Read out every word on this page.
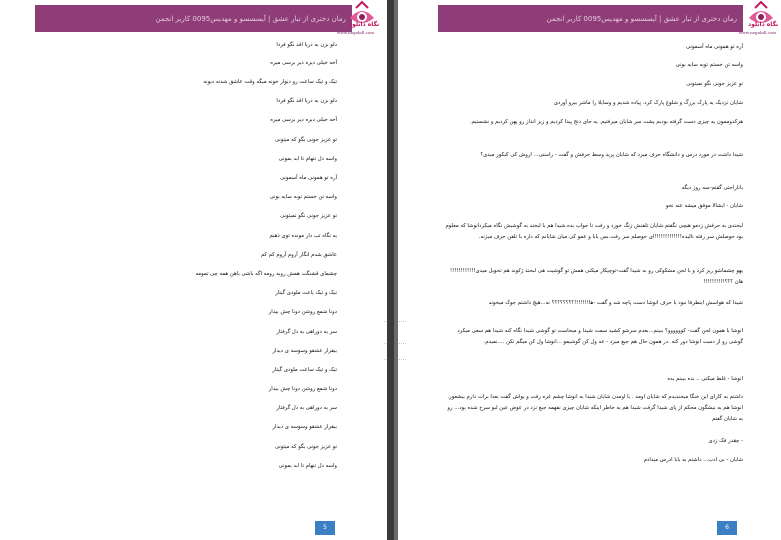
رمان دختری از تبار عشق | آیسسسو و مهدیس0095 کاربر انجمن
نگاه دانلود
www.negahdl.com
دلو بزن به دریا اقد نگو فردا
آخه خیلی دیره دیر برسی میره
تیک و تیک ساعت رو دیوار خونه میگه وقت عاشق شدنه دیونه
دلو بزن به دریا اقد نگو فردا
آخه خیلی دیره دیر برسی میره
تو عزیز جونی بگو که میتونی
واسه دل تنهام تا ابد بمونی
آره تو همونی ماه آسمونی
واسه تن خستم توبه سایه بونی
تو عزیز جونی نگو نمیتونی
یه نگاه تب دار مونده توی ذهنم
عاشق شدم انگار آروم آروم کم کم
چشمای قشنگت همش روبه رومه اگه باشی باهن همه چی تمومه
تیک و تیک یاعت ملودی گیتار
دونا شمع روشن دونا چش بیدار
سر به دوراهی به دل گرفتار
بیقرار عشقو وسوسه ی دیدار
تیک و تیک ساعت ملودی گیتار
دونا شمع روشن دونا چش بیدار
سر به دوراهی به دل گرفتار
بیقرار عشقو وسوسه ی دیدار
تو عزیز جونی بگو که میتونی
واسه دل تنهام تا ابد بمونی
5
رمان دختری از تبار عشق | آیسسسو و مهدیس0095 کاربر انجمن
نگاه دانلود
www.negahdl.com
آره تو همونی ماه آسمونی
واسه تن خستم توبه سایه بونی
تو عزیز جونی نگو نمیتونی
شایان نزدیک یه پارک بزرگ و شلوغ پارک کرد. پیاده شدیم و وسایلا را ماشر بیرو آوردی
هرکدوممون یه چیزی دست گرفته بودیم پشت سر شایان میرفتیم. یه جای دنج پیدا کردیم و زیر انداز رو پهن کردیم و نشستیم.
شیدا داشت در مورد درس و دانشگاه حرف میزد که شایان پرید وسط حرفش و گفت - راستی... اروش کی کنکور میدی؟
باناراحتی گفتم-سه روز دیگه
شایان - ایشالا موفق میشه عنه نخو
لبخندی به حرفش زدمو هیچی نگفتم.شایان تلفنش زنگ خورد و رفت تا جواب بده.شیدا هم با لبخند به گوشیش نگاه میکردانوشا که معلوم بود حوصلش سر رفته نالیده!!!!!!!!!!!!!ای حوصلم سر رفت.بس بابا و عمو کی میان شایانم که داره با تلفن حرف میزنه.
یهو چشماشو ریز کرد و با لحن مشکوکی رو به شیدا گفت-توچیکار میکنی همش تو گوشیت هی لبخند ژکوند هم تحویل میدی!!!!!!!!!!!!هان ؟؟؟!!!!!!!!!!
شیدا که هواسش اینطرفا نبود با حرف انوشا دست پاچه شد و گفت -ها!!!!!!!؟؟؟؟؟؟؟؟ نه...هیچ داشتم جوک میخوند
انوشا با همون لحن گفت- کوووووو؟ ببینم...بعدم سرشو کشید سمت شیدا و میخاست تو گوشی شیدا نگاه کنه شیدا هم سعی میکرد گوشی رو از دست انوشا دور کنه .در همون حال هم جیغ میزد - عه ول کن گوشیمو ...انوشا ول کن میگم نکن ....نمیدم.
انوشا - غلط میکنی .. بده ببینم بده
داشتم به کارای این خنگا میخندیدم که شایان اومد . با اومدن شایان شیدا به انوشا چشم غره رفت و بواش گفت بعدا برات دارم بیشعور. انوشا هم یه نیشگون محکم از پای شیدا گرفت شیدا هم به خاطر اینکه شایان چیزی نفهمه جیغ نزد در عوض عین لبو سرخ شده بود... رو به شایان گفتم
- چقدر فک زدی
شایان - بی ادب... داشتم به بابا ادرس میدادم
...........
...........
...........
6
